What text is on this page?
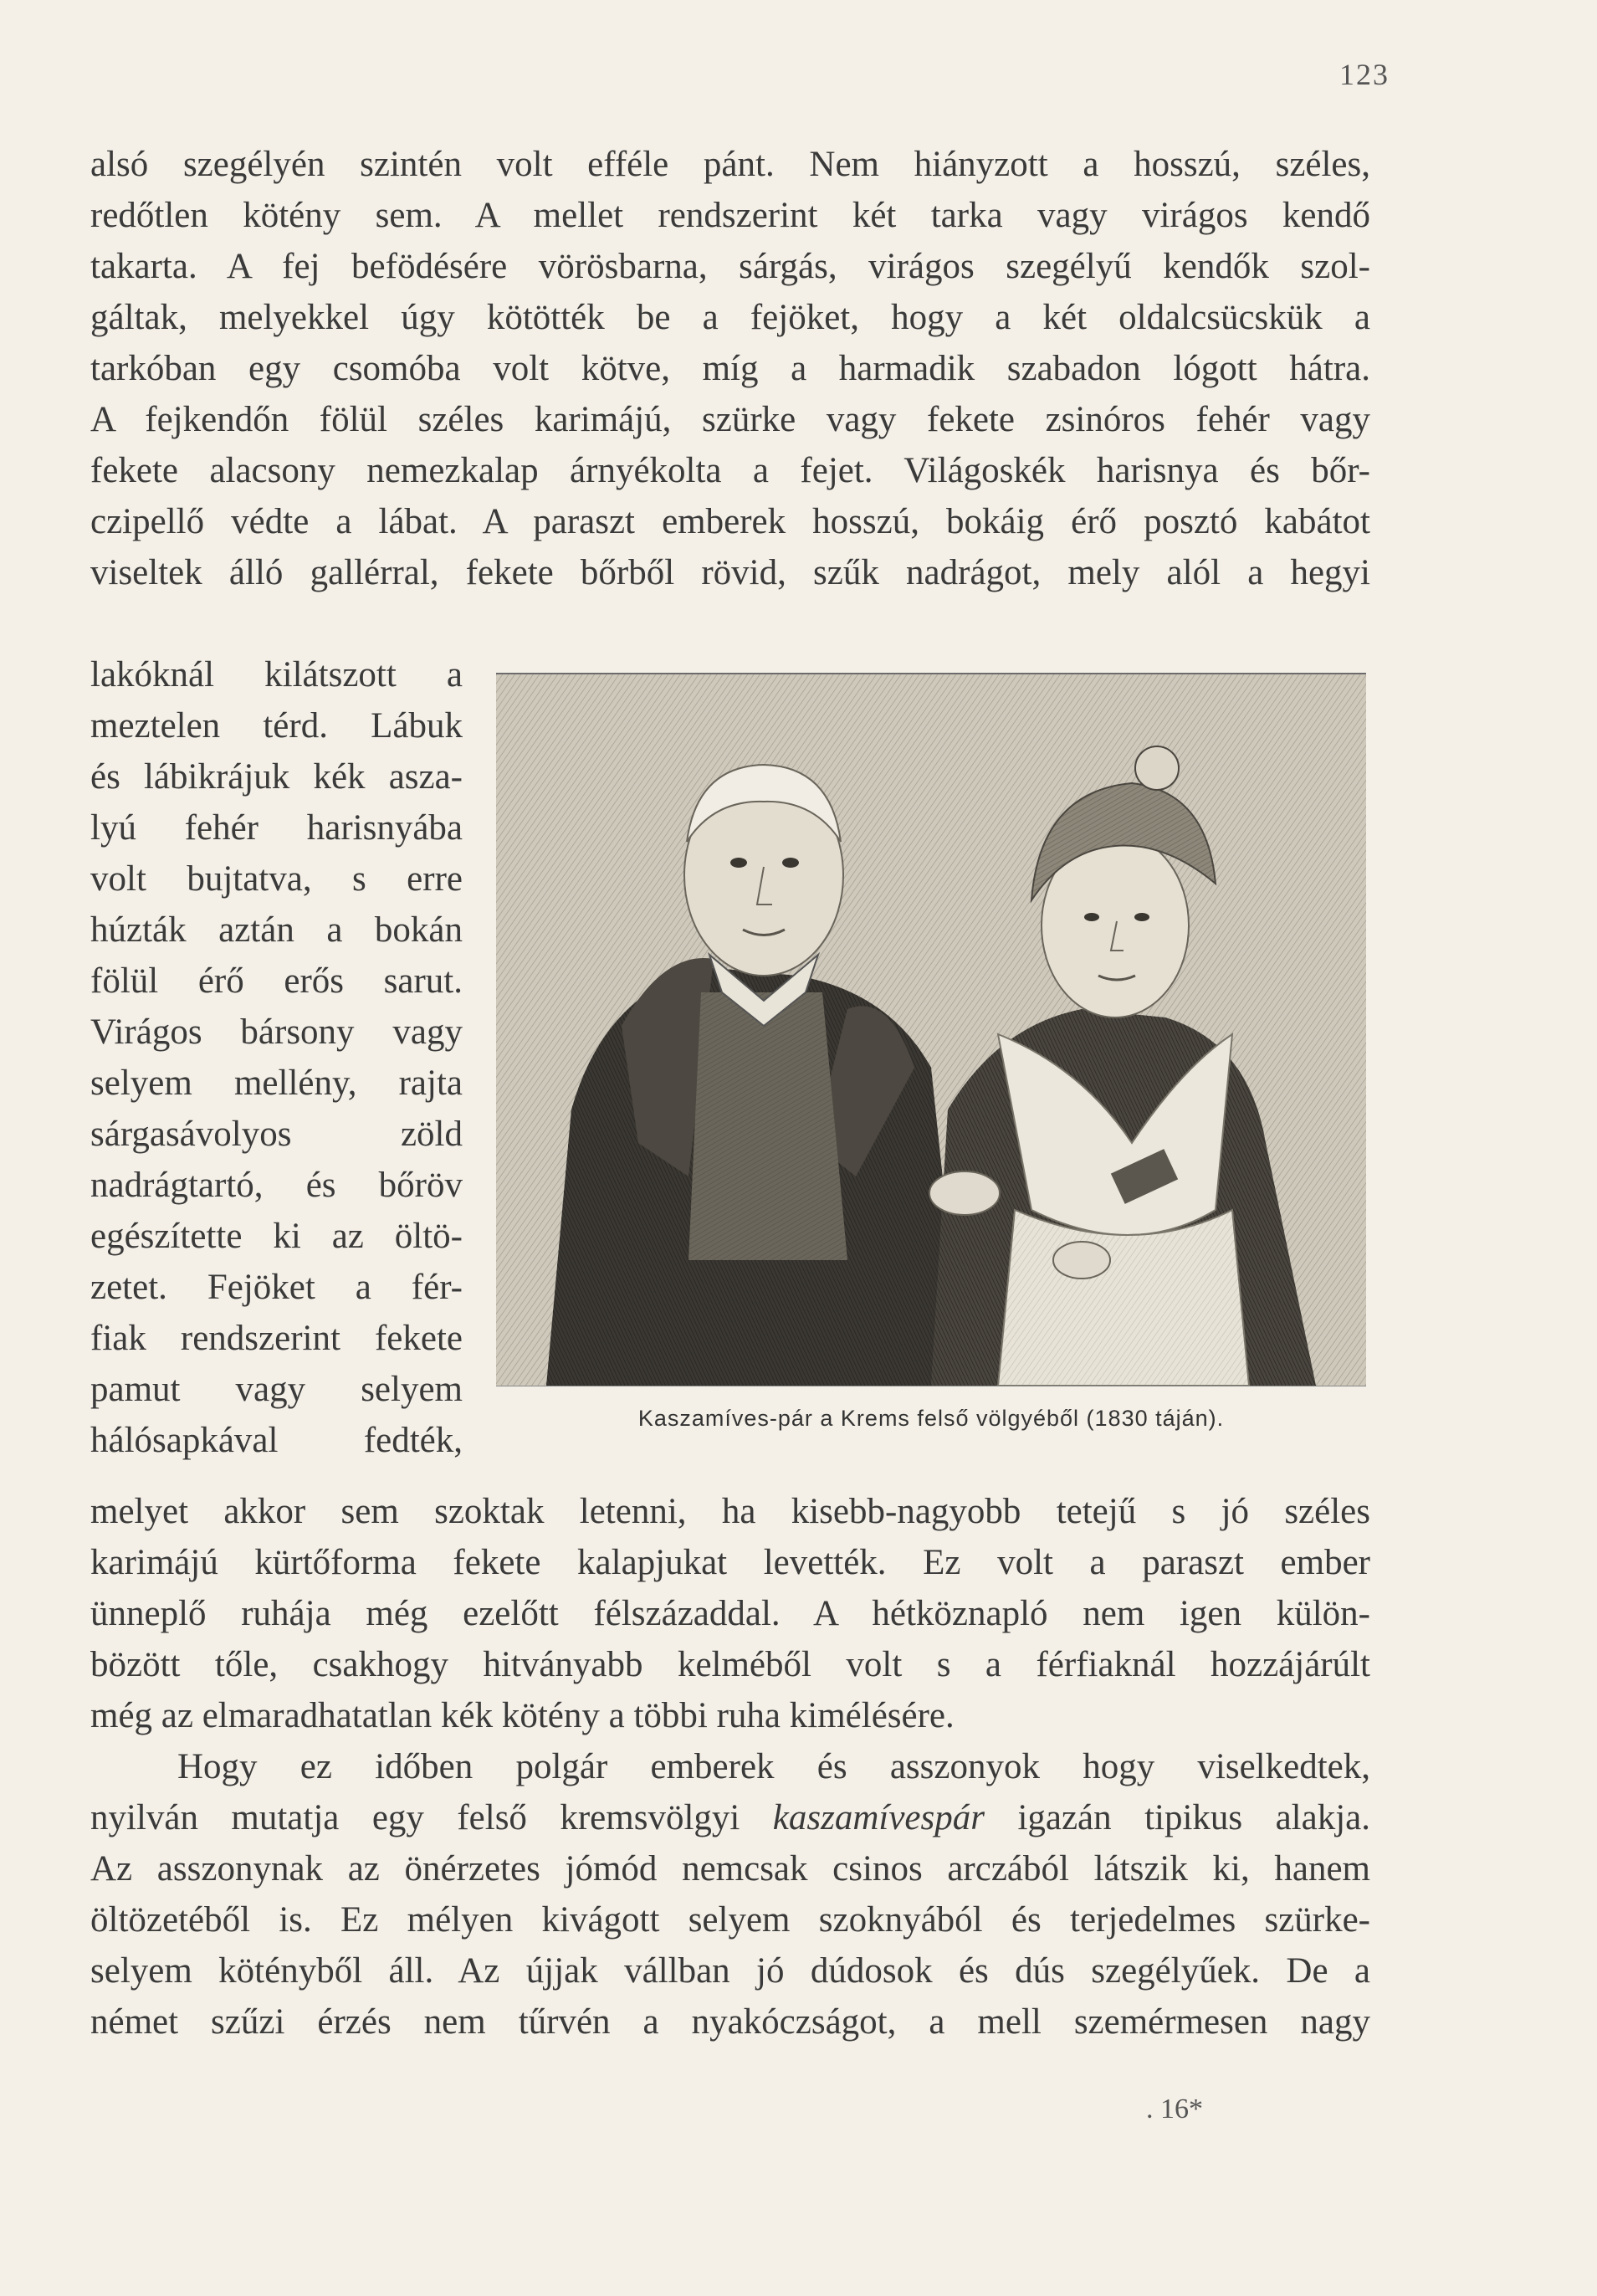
123
alsó szegélyén szintén volt efféle pánt. Nem hiányzott a hosszú, széles,
redőtlen kötény sem. A mellet rendszerint két tarka vagy virágos kendő
takarta. A fej befödésére vörösbarna, sárgás, virágos szegélyű kendők szol-
gáltak, melyekkel úgy kötötték be a fejöket, hogy a két oldalcsücskük a
tarkóban egy csomóba volt kötve, míg a harmadik szabadon lógott hátra.
A fejkendőn fölül széles karimájú, szürke vagy fekete zsinóros fehér vagy
fekete alacsony nemezkalap árnyékolta a fejet. Világoskék harisnya és bőr-
czipellő védte a lábat. A paraszt emberek hosszú, bokáig érő posztó kabátot
viseltek álló gallérral, fekete bőrből rövid, szűk nadrágot, mely alól a hegyi
lakóknál kilátszott a
meztelen térd. Lábuk
és lábikrájuk kék asza-
lyú fehér harisnyába
volt bujtatva, s erre
húzták aztán a bokán
fölül érő erős sarut.
Virágos bársony vagy
selyem mellény, rajta
sárgasávolyos zöld
nadrágtartó, és bőröv
egészítette ki az öltö-
zetet. Fejöket a fér-
fiak rendszerint fekete
pamut vagy selyem
hálósapkával fedték,
Kaszamíves-pár a Krems felső völgyéből (1830 táján).
melyet akkor sem szoktak letenni, ha kisebb-nagyobb tetejű s jó széles
karimájú kürtőforma fekete kalapjukat levették. Ez volt a paraszt ember
ünneplő ruhája még ezelőtt félszázaddal. A hétköznapló nem igen külön-
bözött tőle, csakhogy hitványabb kelméből volt s a férfiaknál hozzájárúlt
még az elmaradhatatlan kék kötény a többi ruha kimélésére.
Hogy ez időben polgár emberek és asszonyok hogy viselkedtek,
nyilván mutatja egy felső kremsvölgyi kaszamívespár igazán tipikus alakja.
Az asszonynak az önérzetes jómód nemcsak csinos arczából látszik ki, hanem
öltözetéből is. Ez mélyen kivágott selyem szoknyából és terjedelmes szürke-
selyem kötényből áll. Az újjak vállban jó dúdosok és dús szegélyűek. De a
német szűzi érzés nem tűrvén a nyakóczságot, a mell szemérmesen nagy
. 16*
